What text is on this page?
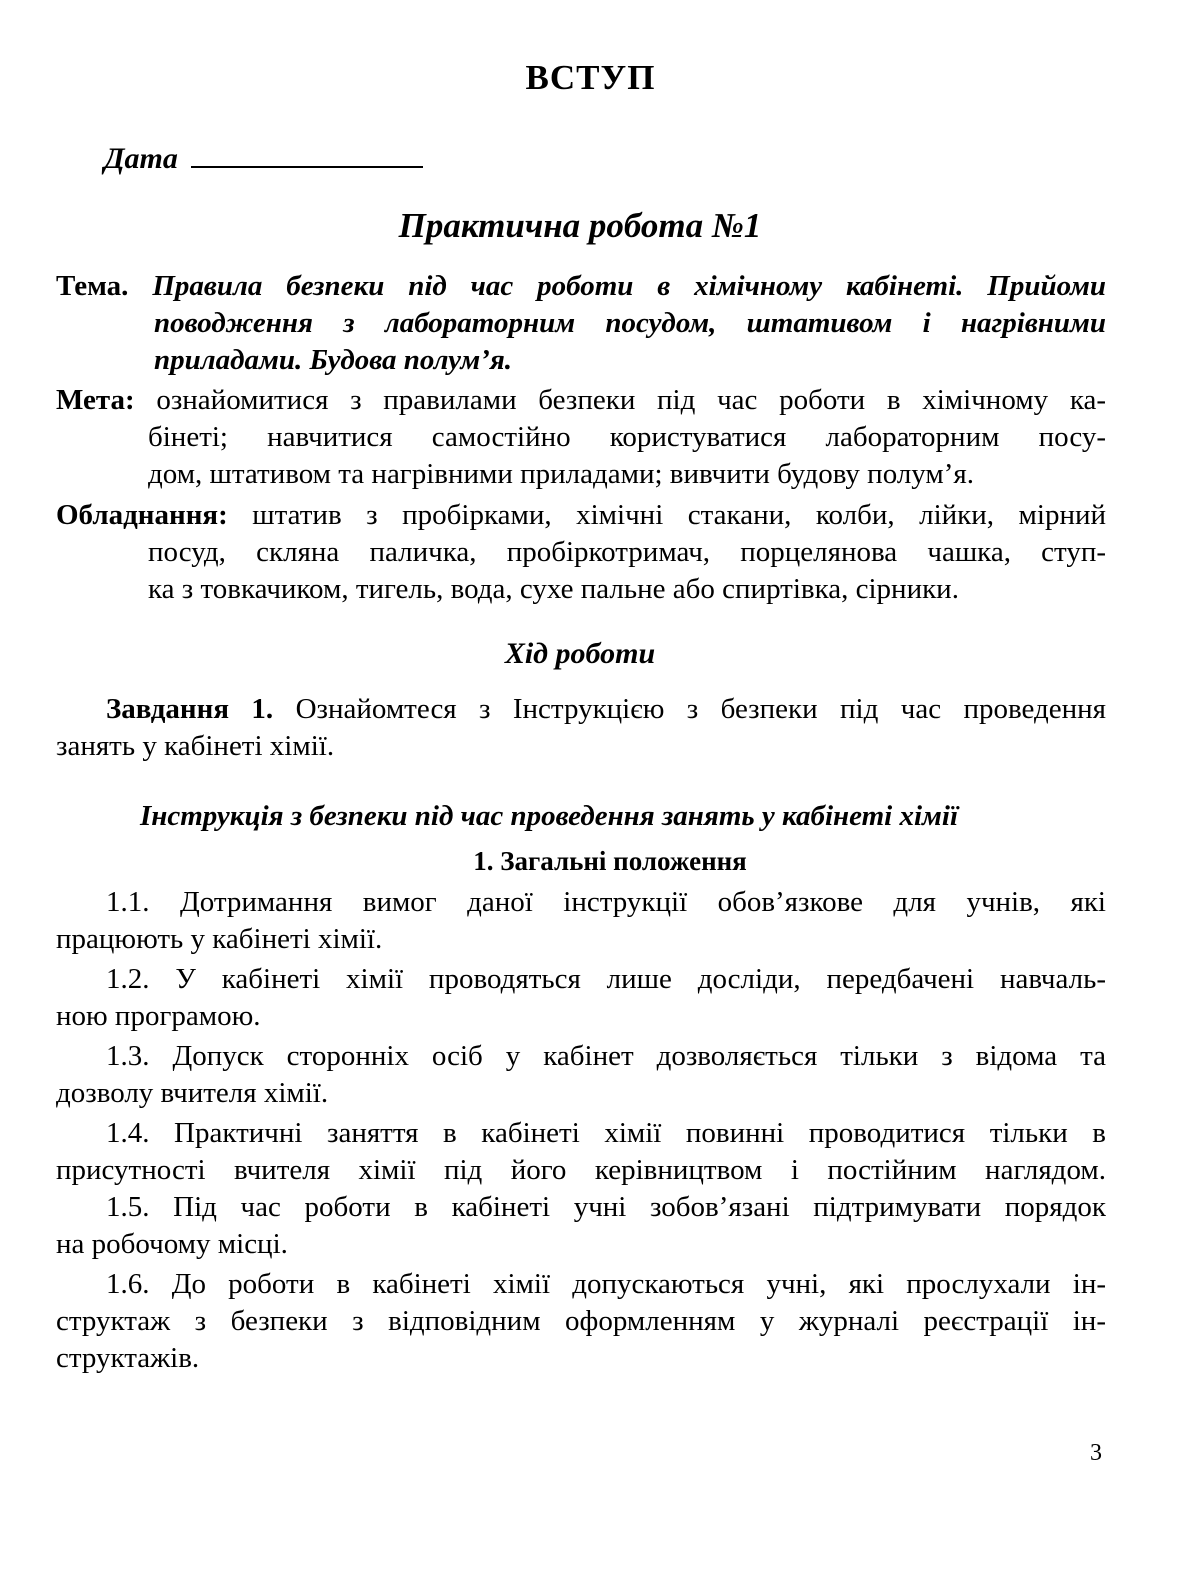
ВСТУП
Дата
Практична робота №1
Тема. Правила безпеки під час роботи в хімічному кабінеті. Прийоми
поводження з лабораторним посудом, штативом і нагрівними
приладами. Будова полум’я.
Мета: ознайомитися з правилами безпеки під час роботи в хімічному ка-
бінеті; навчитися самостійно користуватися лабораторним посу-
дом, штативом та нагрівними приладами; вивчити будову полум’я.
Обладнання: штатив з пробірками, хімічні стакани, колби, лійки, мірний
посуд, скляна паличка, пробіркотримач, порцелянова чашка, ступ-
ка з товкачиком, тигель, вода, сухе пальне або спиртівка, сірники.
Хід роботи
Завдання 1. Ознайомтеся з Інструкцією з безпеки під час проведення
занять у кабінеті хімії.
Інструкція з безпеки під час проведення занять у кабінеті хімії
1. Загальні положення
1.1. Дотримання вимог даної інструкції обов’язкове для учнів, які
працюють у кабінеті хімії.
1.2. У кабінеті хімії проводяться лише досліди, передбачені навчаль-
ною програмою.
1.3. Допуск сторонніх осіб у кабінет дозволяється тільки з відома та
дозволу вчителя хімії.
1.4. Практичні заняття в кабінеті хімії повинні проводитися тільки в
присутності вчителя хімії під його керівництвом і постійним наглядом.
1.5. Під час роботи в кабінеті учні зобов’язані підтримувати порядок
на робочому місці.
1.6. До роботи в кабінеті хімії допускаються учні, які прослухали ін-
структаж з безпеки з відповідним оформленням у журналі реєстрації ін-
структажів.
3
